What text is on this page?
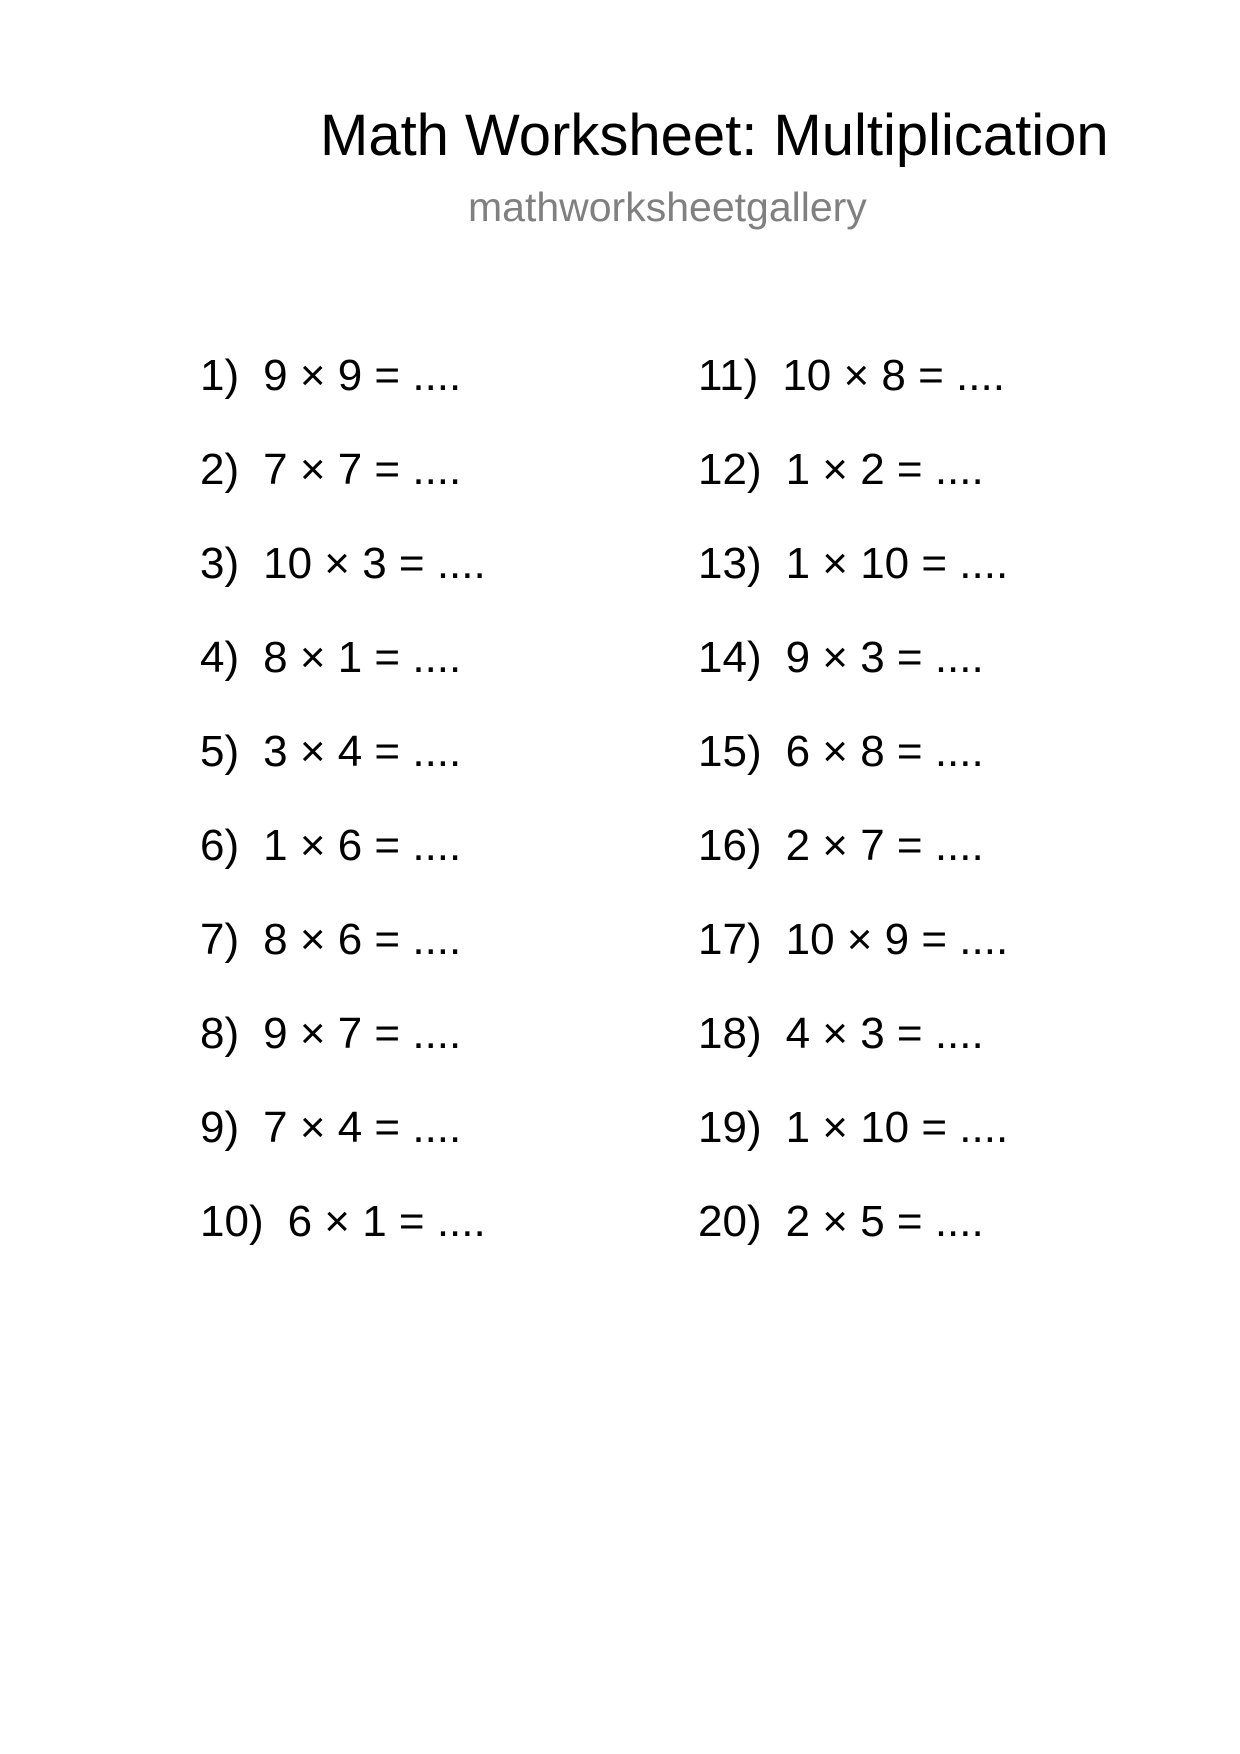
Math Worksheet: Multiplication
mathworksheetgallery
1) 9 × 9 = ....
2) 7 × 7 = ....
3) 10 × 3 = ....
4) 8 × 1 = ....
5) 3 × 4 = ....
6) 1 × 6 = ....
7) 8 × 6 = ....
8) 9 × 7 = ....
9) 7 × 4 = ....
10) 6 × 1 = ....
11) 10 × 8 = ....
12) 1 × 2 = ....
13) 1 × 10 = ....
14) 9 × 3 = ....
15) 6 × 8 = ....
16) 2 × 7 = ....
17) 10 × 9 = ....
18) 4 × 3 = ....
19) 1 × 10 = ....
20) 2 × 5 = ....
